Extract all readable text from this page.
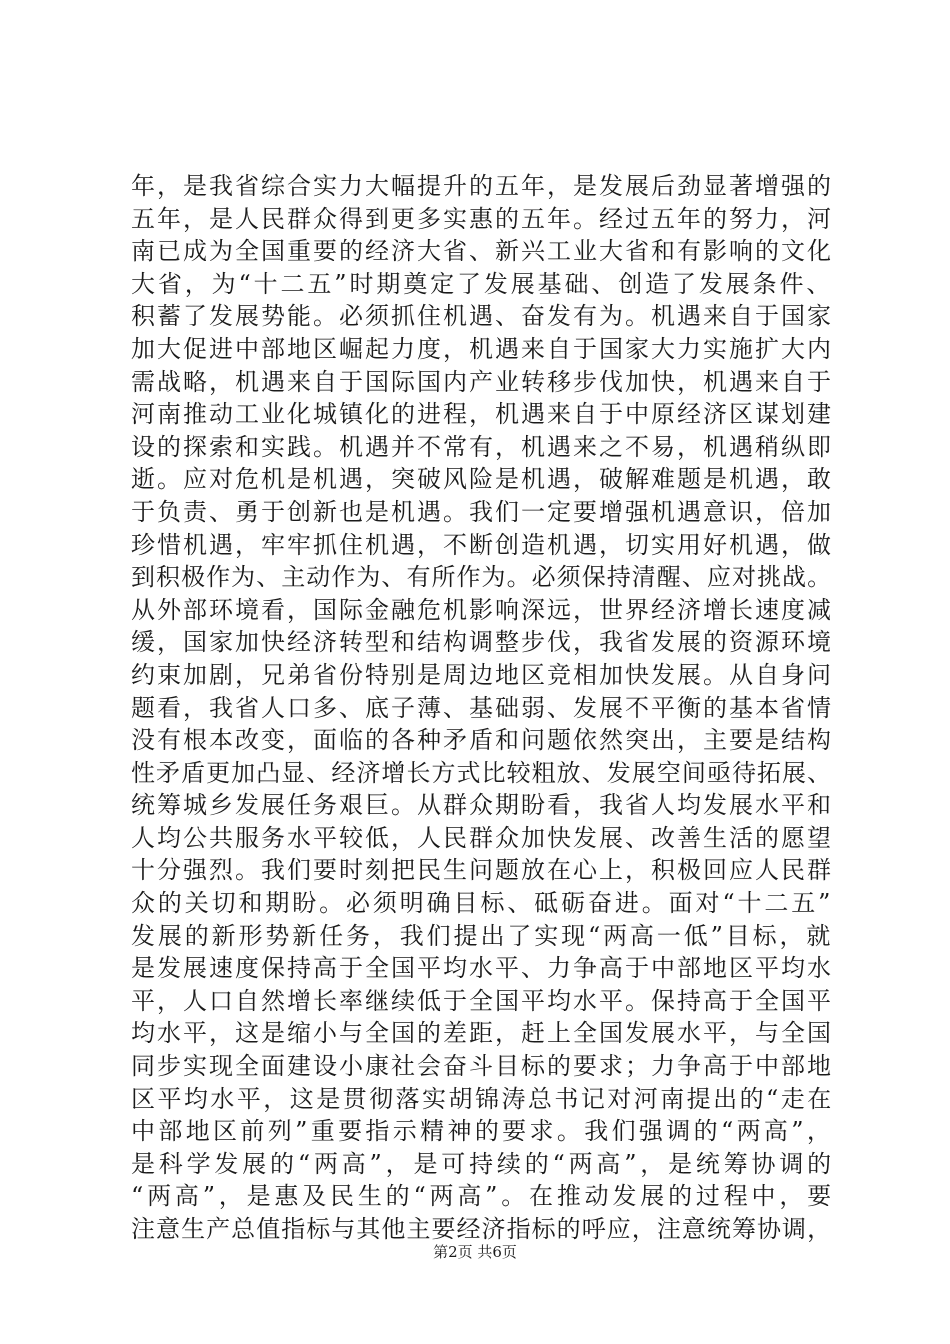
年，是我省综合实力大幅提升的五年，是发展后劲显著增强的
五年，是人民群众得到更多实惠的五年。经过五年的努力，河
南已成为全国重要的经济大省、新兴工业大省和有影响的文化
大省，为“十二五”时期奠定了发展基础、创造了发展条件、
积蓄了发展势能。必须抓住机遇、奋发有为。机遇来自于国家
加大促进中部地区崛起力度，机遇来自于国家大力实施扩大内
需战略，机遇来自于国际国内产业转移步伐加快，机遇来自于
河南推动工业化城镇化的进程，机遇来自于中原经济区谋划建
设的探索和实践。机遇并不常有，机遇来之不易，机遇稍纵即
逝。应对危机是机遇，突破风险是机遇，破解难题是机遇，敢
于负责、勇于创新也是机遇。我们一定要增强机遇意识，倍加
珍惜机遇，牢牢抓住机遇，不断创造机遇，切实用好机遇，做
到积极作为、主动作为、有所作为。必须保持清醒、应对挑战。
从外部环境看，国际金融危机影响深远，世界经济增长速度减
缓，国家加快经济转型和结构调整步伐，我省发展的资源环境
约束加剧，兄弟省份特别是周边地区竞相加快发展。从自身问
题看，我省人口多、底子薄、基础弱、发展不平衡的基本省情
没有根本改变，面临的各种矛盾和问题依然突出，主要是结构
性矛盾更加凸显、经济增长方式比较粗放、发展空间亟待拓展、
统筹城乡发展任务艰巨。从群众期盼看，我省人均发展水平和
人均公共服务水平较低，人民群众加快发展、改善生活的愿望
十分强烈。我们要时刻把民生问题放在心上，积极回应人民群
众的关切和期盼。必须明确目标、砥砺奋进。面对“十二五”
发展的新形势新任务，我们提出了实现“两高一低”目标，就
是发展速度保持高于全国平均水平、力争高于中部地区平均水
平，人口自然增长率继续低于全国平均水平。保持高于全国平
均水平，这是缩小与全国的差距，赶上全国发展水平，与全国
同步实现全面建设小康社会奋斗目标的要求；力争高于中部地
区平均水平，这是贯彻落实胡锦涛总书记对河南提出的“走在
中部地区前列”重要指示精神的要求。我们强调的“两高”，
是科学发展的“两高”，是可持续的“两高”，是统筹协调的
“两高”，是惠及民生的“两高”。在推动发展的过程中，要
注意生产总值指标与其他主要经济指标的呼应，注意统筹协调，
第2页 共6页
